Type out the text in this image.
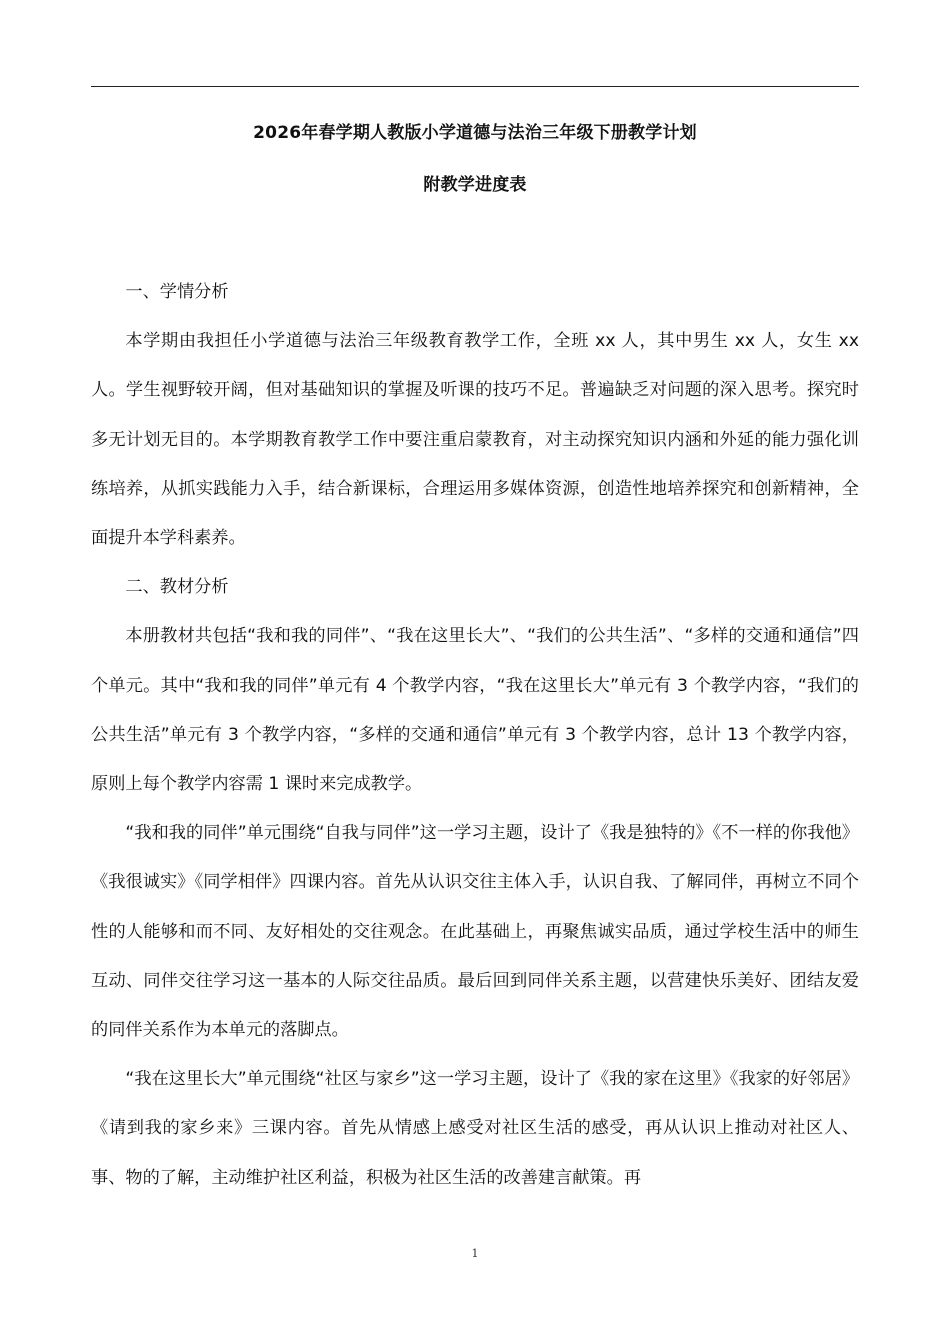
2026年春学期人教版小学道德与法治三年级下册教学计划
附教学进度表

一、学情分析

本学期由我担任小学道德与法治三年级教育教学工作，全班 xx 人，其中男生 xx 人，女生 xx 人。学生视野较开阔，但对基础知识的掌握及听课的技巧不足。普遍缺乏对问题的深入思考。探究时多无计划无目的。本学期教育教学工作中要注重启蒙教育，对主动探究知识内涵和外延的能力强化训练培养，从抓实践能力入手，结合新课标，合理运用多媒体资源，创造性地培养探究和创新精神，全面提升本学科素养。

二、教材分析

本册教材共包括“我和我的同伴”、“我在这里长大”、“我们的公共生活”、“多样的交通和通信”四个单元。其中“我和我的同伴”单元有 4 个教学内容，“我在这里长大”单元有 3 个教学内容，“我们的公共生活”单元有 3 个教学内容，“多样的交通和通信”单元有 3 个教学内容，总计 13 个教学内容，原则上每个教学内容需 1 课时来完成教学。

“我和我的同伴”单元围绕“自我与同伴”这一学习主题，设计了《我是独特的》《不一样的你我他》《我很诚实》《同学相伴》四课内容。首先从认识交往主体入手，认识自我、了解同伴，再树立不同个性的人能够和而不同、友好相处的交往观念。在此基础上，再聚焦诚实品质，通过学校生活中的师生互动、同伴交往学习这一基本的人际交往品质。最后回到同伴关系主题，以营建快乐美好、团结友爱的同伴关系作为本单元的落脚点。

“我在这里长大”单元围绕“社区与家乡”这一学习主题，设计了《我的家在这里》《我家的好邻居》《请到我的家乡来》三课内容。首先从情感上感受对社区生活的感受，再从认识上推动对社区人、事、物的了解，主动维护社区利益，积极为社区生活的改善建言献策。再

1
